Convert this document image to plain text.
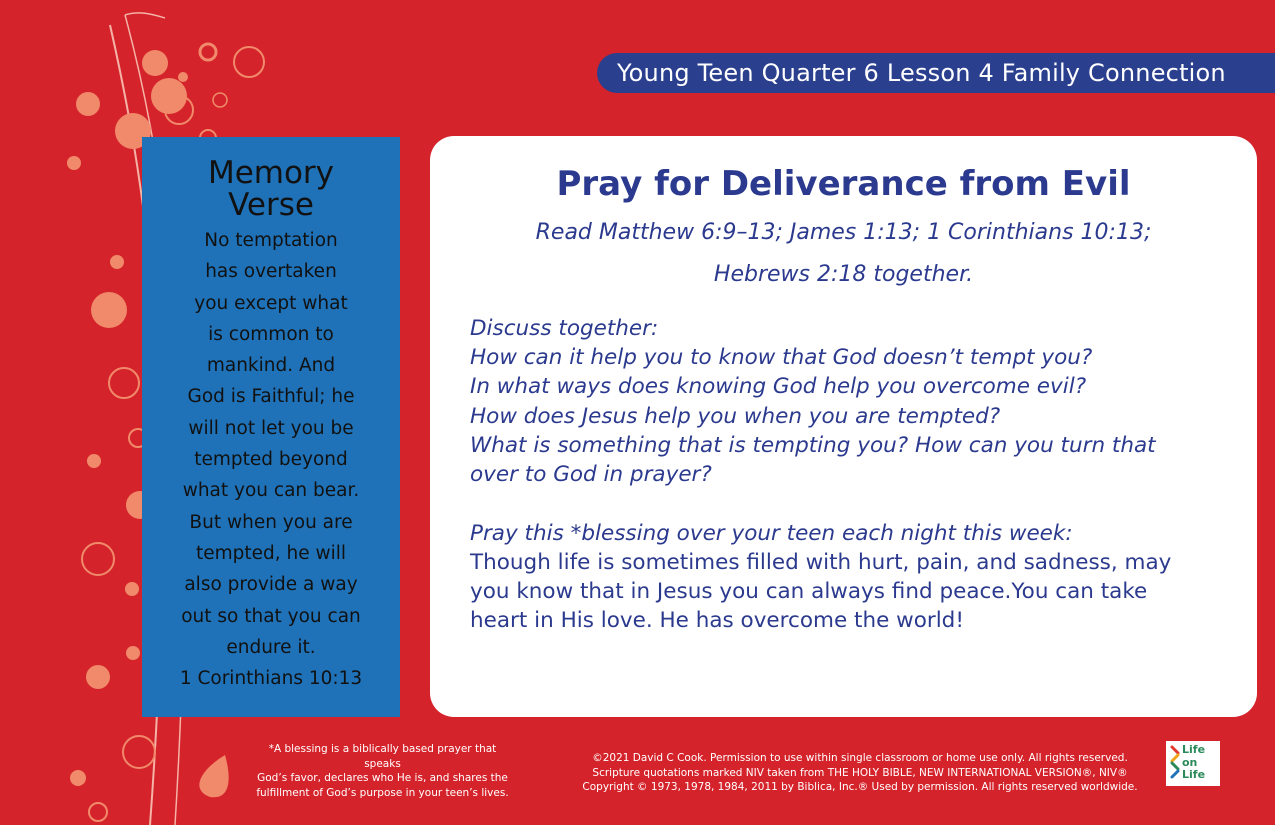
Young Teen Quarter 6 Lesson 4 Family Connection
Memory
Verse
No temptation
has overtaken
you except what
is common to
mankind. And
God is Faithful; he
will not let you be
tempted beyond
what you can bear.
But when you are
tempted, he will
also provide a way
out so that you can
endure it.
1 Corinthians 10:13
Pray for Deliverance from Evil
Read Matthew 6:9–13; James 1:13; 1 Corinthians 10:13;
Hebrews 2:18 together.
Discuss together:
How can it help you to know that God doesn’t tempt you?
In what ways does knowing God help you overcome evil?
How does Jesus help you when you are tempted?
What is something that is tempting you? How can you turn that
over to God in prayer?
Pray this *blessing over your teen each night this week:
Though life is sometimes filled with hurt, pain, and sadness, may
you know that in Jesus you can always find peace.You can take
heart in His love. He has overcome the world!
*A blessing is a biblically based prayer that speaks
God’s favor, declares who He is, and shares the
fulfillment of God’s purpose in your teen’s lives.
©2021 David C Cook. Permission to use within single classroom or home use only. All rights reserved.
Scripture quotations marked NIV taken from THE HOLY BIBLE, NEW INTERNATIONAL VERSION®, NIV®
Copyright © 1973, 1978, 1984, 2011 by Biblica, Inc.® Used by permission. All rights reserved worldwide.
Life
on
Life
